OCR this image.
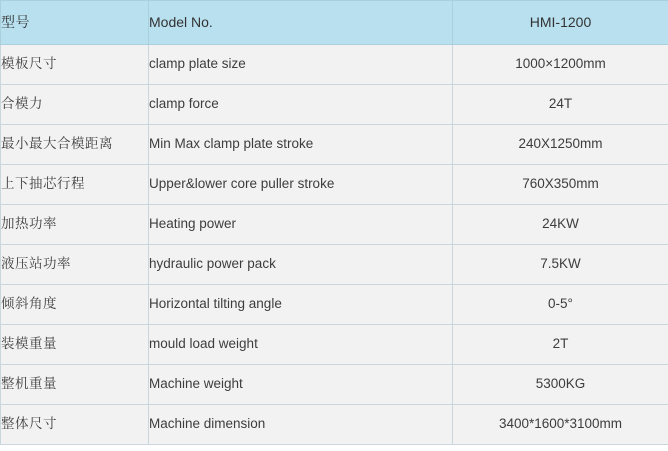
型号	Model No.	HMI-1200
模板尺寸	clamp plate size	1000×1200mm
合模力	clamp force	24T
最小最大合模距离	Min Max clamp plate stroke	240X1250mm
上下抽芯行程	Upper&lower core puller stroke	760X350mm
加热功率	Heating power	24KW
液压站功率	hydraulic power pack	7.5KW
倾斜角度	Horizontal tilting angle	0-5°
装模重量	mould load weight	2T
整机重量	Machine weight	5300KG
整体尺寸	Machine dimension	3400*1600*3100mm
